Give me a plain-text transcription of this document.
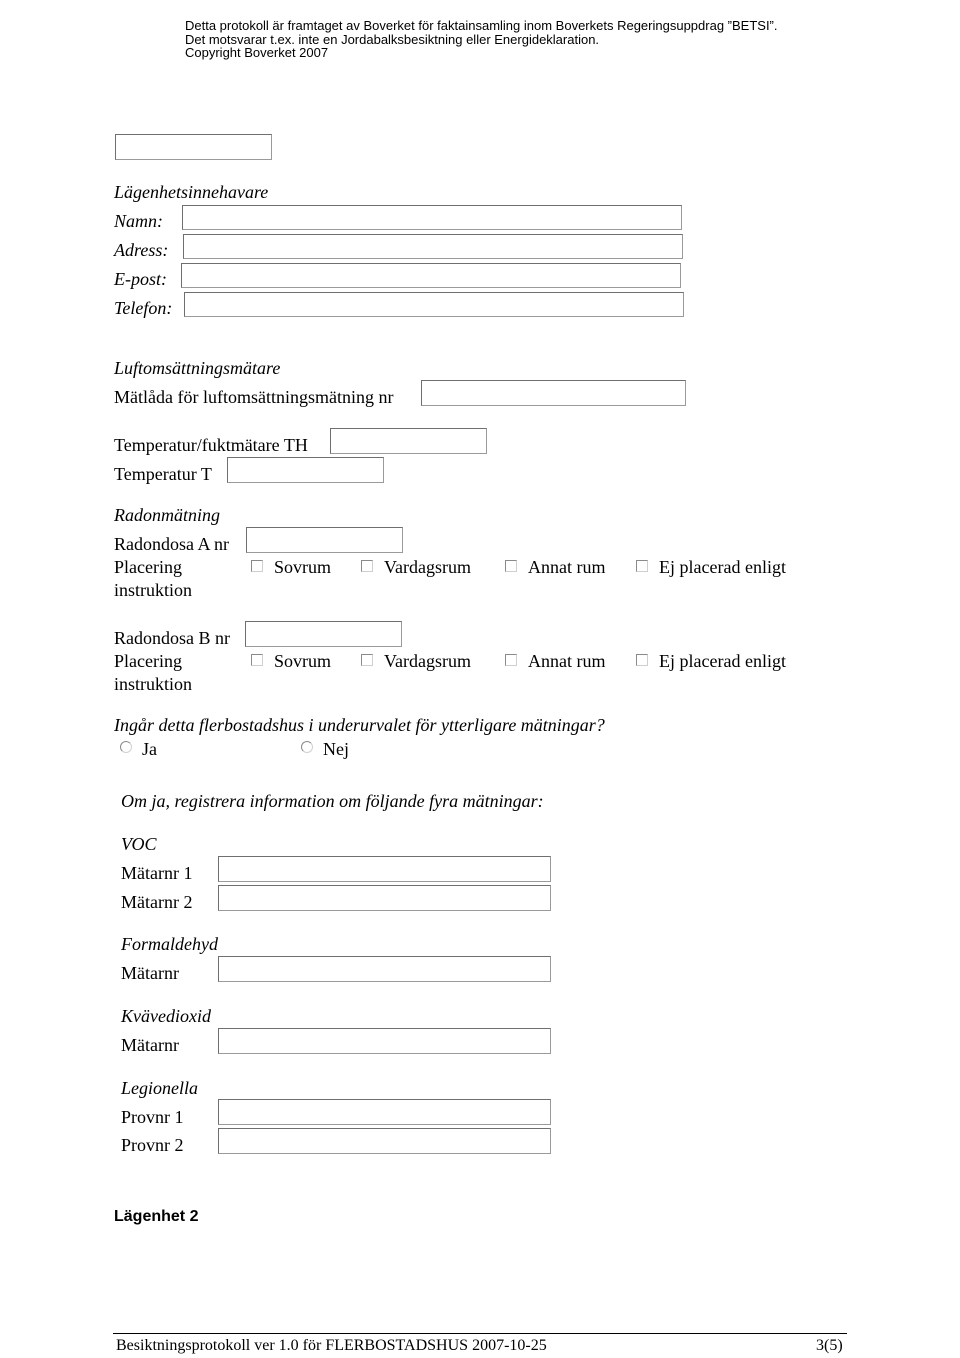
Detta protokoll är framtaget av Boverket för faktainsamling inom Boverkets Regeringsuppdrag ”BETSI”.
Det motsvarar t.ex. inte en Jordabalksbesiktning eller Energideklaration.
Copyright Boverket 2007
Lägenhetsinnehavare
Namn:
Adress:
E-post:
Telefon:
Luftomsättningsmätare
Mätlåda för luftomsättningsmätning nr
Temperatur/fuktmätare TH
Temperatur T
Radonmätning
Radondosa A nr
Placering
instruktion
Sovrum	Vardagsrum	Annat rum	Ej placerad enligt
Radondosa B nr
Placering
instruktion
Sovrum	Vardagsrum	Annat rum	Ej placerad enligt
Ingår detta flerbostadshus i underurvalet för ytterligare mätningar?
Ja	Nej
Om ja, registrera information om följande fyra mätningar:
VOC
Mätarnr 1
Mätarnr 2
Formaldehyd
Mätarnr
Kvävedioxid
Mätarnr
Legionella
Provnr 1
Provnr 2
Lägenhet 2
Besiktningsprotokoll ver 1.0 för FLERBOSTADSHUS 2007-10-25	3(5)
